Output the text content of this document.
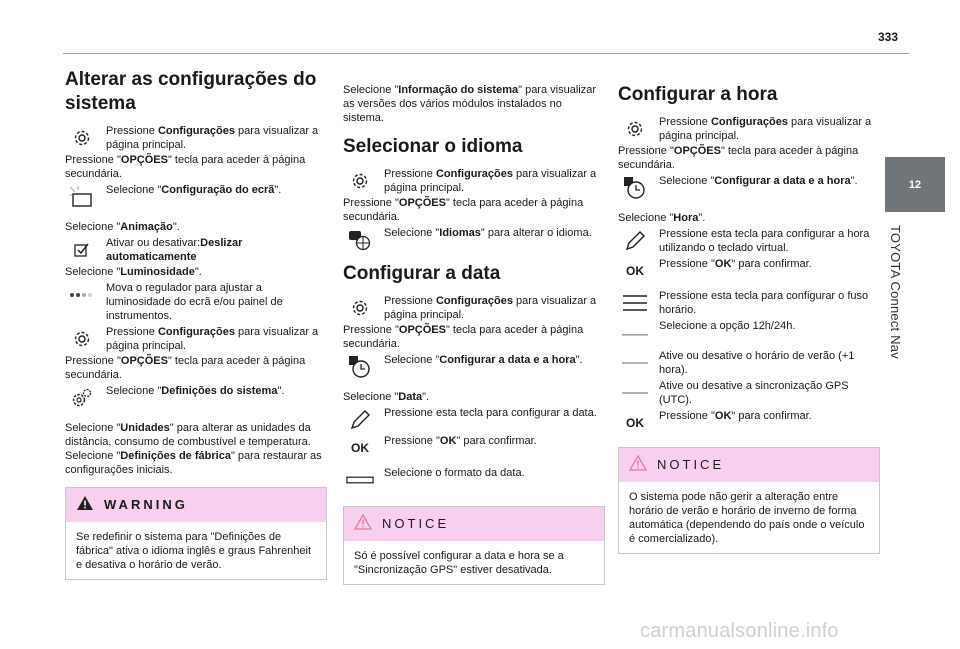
333
12
TOYOTA Connect Nav
Alterar as configurações do sistema
Pressione Configurações para visualizar a página principal.

Pressione "OPÇÕES" tecla para aceder à página secundária.

Selecione "Configuração do ecrã".

Selecione "Animação".

Ativar ou desativar:Deslizar automaticamente

Selecione "Luminosidade".

Mova o regulador para ajustar a luminosidade do ecrã e/ou painel de instrumentos.
Pressione Configurações para visualizar a página principal.

Pressione "OPÇÕES" tecla para aceder à página secundária.

Selecione "Definições do sistema".

Selecione "Unidades" para alterar as unidades da distância, consumo de combustível e temperatura.

Selecione "Definições de fábrica" para restaurar as configurações iniciais.

WARNING
Se redefinir o sistema para "Definições de fábrica" ativa o idioma inglês e graus Fahrenheit e desativa o horário de verão.

Selecione "Informação do sistema" para visualizar as versões dos vários módulos instalados no sistema.

Selecionar o idioma
Pressione Configurações para visualizar a página principal.

Pressione "OPÇÕES" tecla para aceder à página secundária.

Selecione "Idiomas" para alterar o idioma.
Configurar a data
Pressione Configurações para visualizar a página principal.

Pressione "OPÇÕES" tecla para aceder à página secundária.

Selecione "Configurar a data e a hora".

Selecione "Data".

Pressione esta tecla para configurar a data.
OK	Pressione "OK" para confirmar.
Selecione o formato da data.
NOTICE
Só é possível configurar a data e hora se a "Sincronização GPS" estiver desativada.
Configurar a hora
Pressione Configurações para visualizar a página principal.

Pressione "OPÇÕES" tecla para aceder à página secundária.

Selecione "Configurar a data e a hora".

Selecione "Hora".

Pressione esta tecla para configurar a hora utilizando o teclado virtual.
OK	Pressione "OK" para confirmar.
Pressione esta tecla para configurar o fuso horário.
Selecione a opção 12h/24h.
Ative ou desative o horário de verão (+1 hora).
Ative ou desative a sincronização GPS (UTC).
OK	Pressione "OK" para confirmar.
NOTICE
O sistema pode não gerir a alteração entre horário de verão e horário de inverno de forma automática (dependendo do país onde o veículo é comercializado).
carmanualsonline.info
